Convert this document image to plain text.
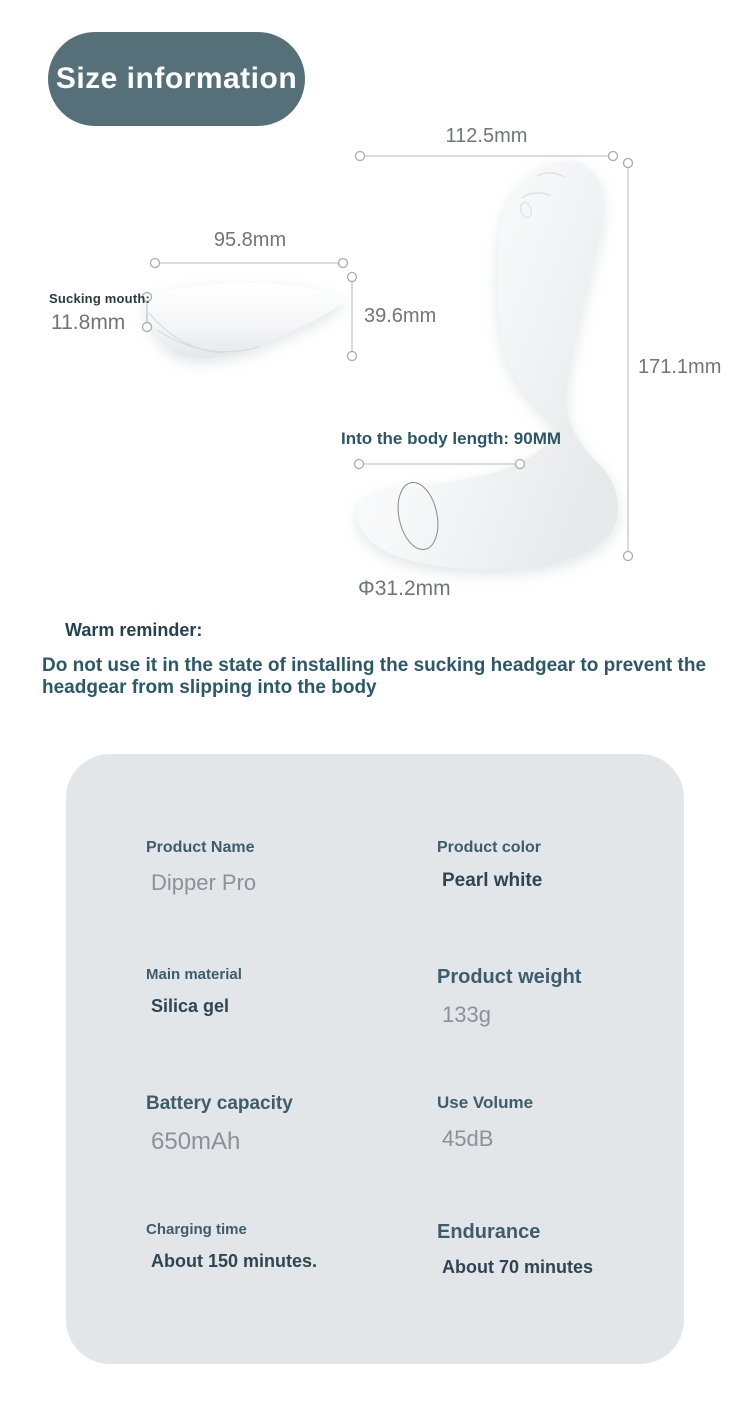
112.5mm
171.1mm
95.8mm
39.6mm
Sucking mouth:
11.8mm
Into the body length: 90MM
Φ31.2mm
Size information
Warm reminder:
Do not use it in the state of installing the sucking headgear to prevent the headgear from slipping into the body
Product Name
Dipper Pro
Product color
Pearl white
Main material
Silica gel
Product weight
133g
Battery capacity
650mAh
Use Volume
45dB
Charging time
About 150 minutes.
Endurance
About 70 minutes
